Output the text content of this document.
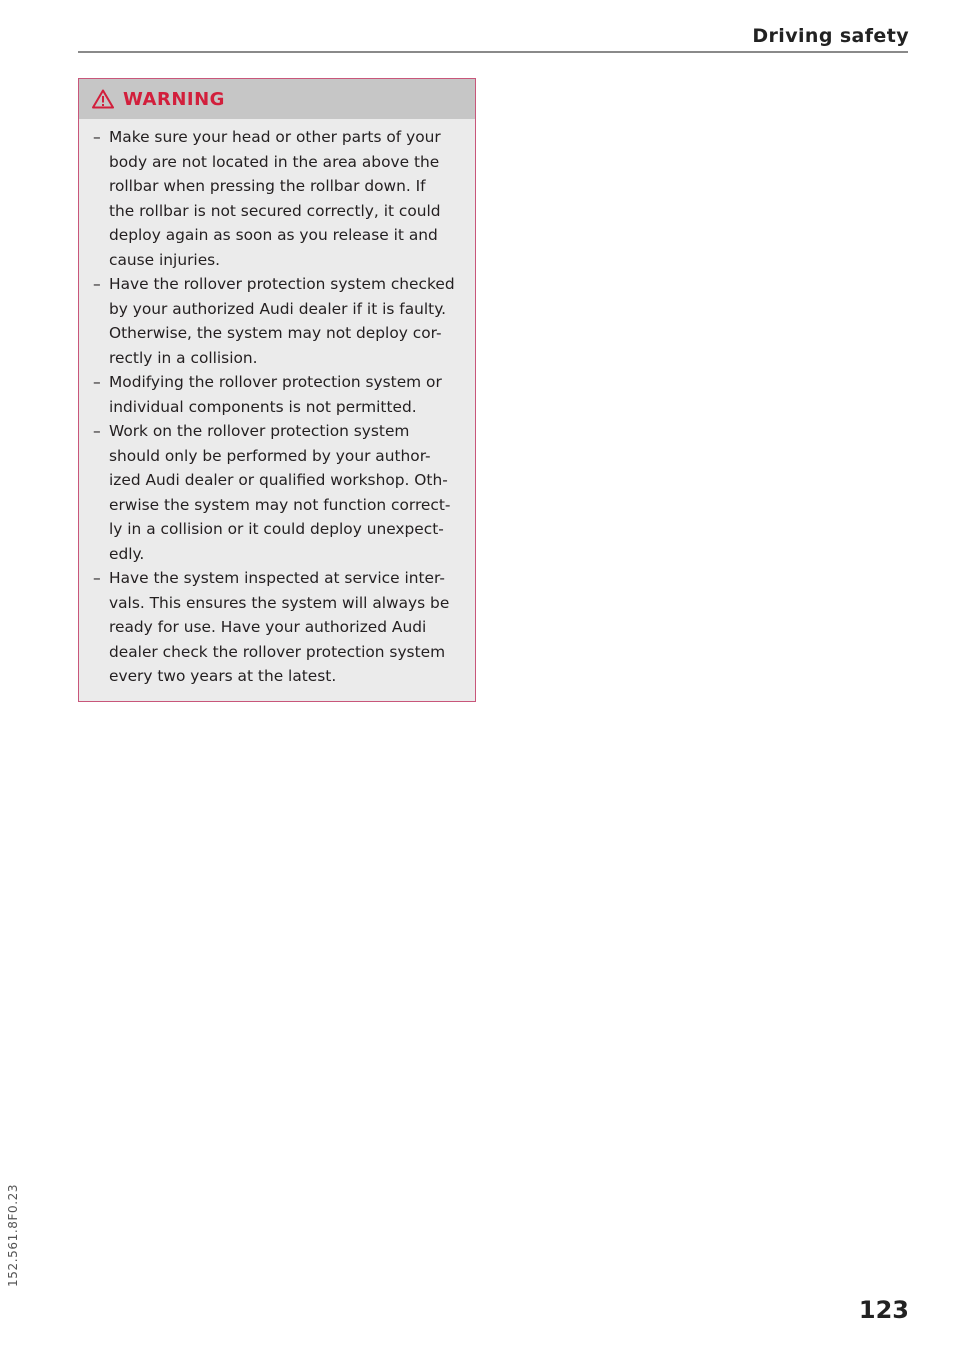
Driving safety
WARNING
– Make sure your head or other parts of your
body are not located in the area above the
rollbar when pressing the rollbar down. If
the rollbar is not secured correctly, it could
deploy again as soon as you release it and
cause injuries.
– Have the rollover protection system checked
by your authorized Audi dealer if it is faulty.
Otherwise, the system may not deploy cor-
rectly in a collision.
– Modifying the rollover protection system or
individual components is not permitted.
– Work on the rollover protection system
should only be performed by your author-
ized Audi dealer or qualified workshop. Oth-
erwise the system may not function correct-
ly in a collision or it could deploy unexpect-
edly.
– Have the system inspected at service inter-
vals. This ensures the system will always be
ready for use. Have your authorized Audi
dealer check the rollover protection system
every two years at the latest.
152.561.8F0.23
123
